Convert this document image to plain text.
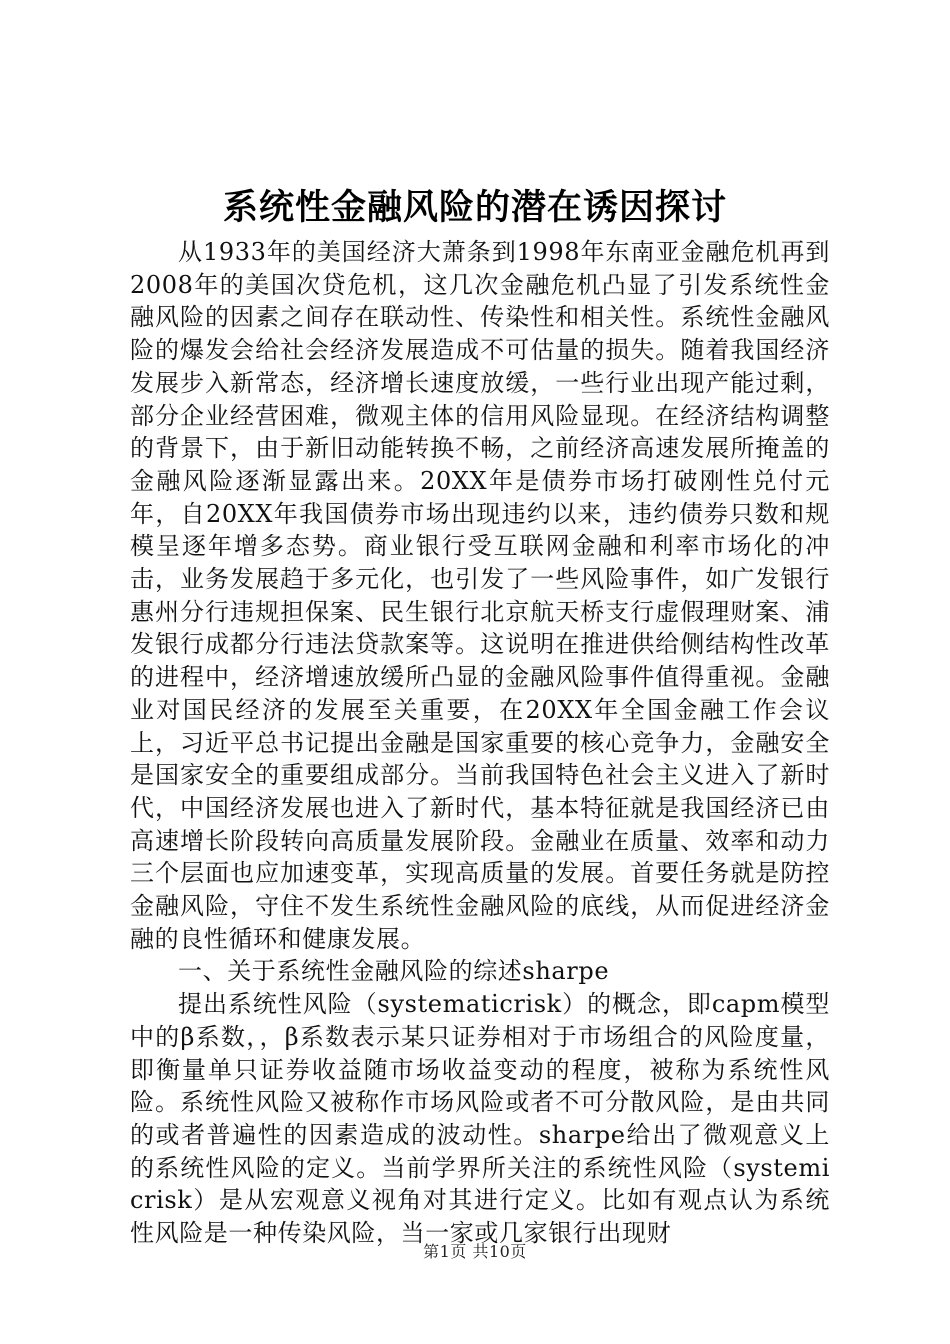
系统性金融风险的潜在诱因探讨

从1933年的美国经济大萧条到1998年东南亚金融危机再到2008年的美国次贷危机，这几次金融危机凸显了引发系统性金融风险的因素之间存在联动性、传染性和相关性。系统性金融风险的爆发会给社会经济发展造成不可估量的损失。随着我国经济发展步入新常态，经济增长速度放缓，一些行业出现产能过剩，部分企业经营困难，微观主体的信用风险显现。在经济结构调整的背景下，由于新旧动能转换不畅，之前经济高速发展所掩盖的金融风险逐渐显露出来。20XX年是债券市场打破刚性兑付元年，自20XX年我国债券市场出现违约以来，违约债券只数和规模呈逐年增多态势。商业银行受互联网金融和利率市场化的冲击，业务发展趋于多元化，也引发了一些风险事件，如广发银行惠州分行违规担保案、民生银行北京航天桥支行虚假理财案、浦发银行成都分行违法贷款案等。这说明在推进供给侧结构性改革的进程中，经济增速放缓所凸显的金融风险事件值得重视。金融业对国民经济的发展至关重要，在20XX年全国金融工作会议上，习近平总书记提出金融是国家重要的核心竞争力，金融安全是国家安全的重要组成部分。当前我国特色社会主义进入了新时代，中国经济发展也进入了新时代，基本特征就是我国经济已由高速增长阶段转向高质量发展阶段。金融业在质量、效率和动力三个层面也应加速变革，实现高质量的发展。首要任务就是防控金融风险，守住不发生系统性金融风险的底线，从而促进经济金融的良性循环和健康发展。

一、关于系统性金融风险的综述sharpe

提出系统性风险（systematicrisk）的概念，即capm模型中的β系数，，β系数表示某只证券相对于市场组合的风险度量，即衡量单只证券收益随市场收益变动的程度，被称为系统性风险。系统性风险又被称作市场风险或者不可分散风险，是由共同的或者普遍性的因素造成的波动性。sharpe给出了微观意义上的系统性风险的定义。当前学界所关注的系统性风险（systemicrisk）是从宏观意义视角对其进行定义。比如有观点认为系统性风险是一种传染风险，当一家或几家银行出现财

第1页 共10页
